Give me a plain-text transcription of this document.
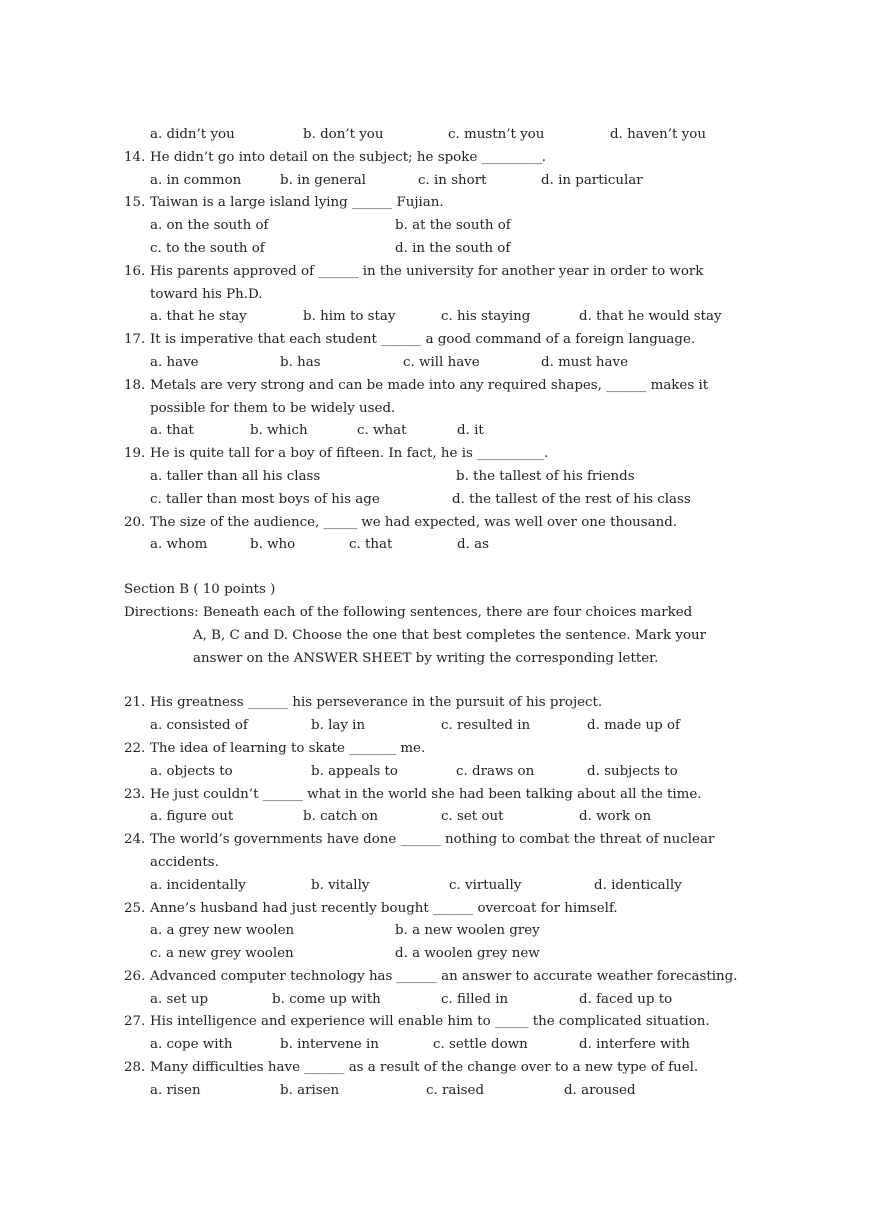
a. didn’t you	b. don’t you	c. mustn’t you	d. haven’t you
14. He didn’t go into detail on the subject; he spoke _________.
a. in common	b. in general	c. in short	d. in particular
15. Taiwan is a large island lying ______ Fujian.
a. on the south of	b. at the south of
c. to the south of	d. in the south of
16. His parents approved of ______ in the university for another year in order to work
toward his Ph.D.
a. that he stay	b. him to stay	c. his staying	d. that he would stay
17. It is imperative that each student ______ a good command of a foreign language.
a. have	b. has	c. will have	d. must have
18. Metals are very strong and can be made into any required shapes, ______ makes it
possible for them to be widely used.
a. that	b. which	c. what	d. it
19. He is quite tall for a boy of fifteen. In fact, he is __________.
a. taller than all his class	b. the tallest of his friends
c. taller than most boys of his age	d. the tallest of the rest of his class
20. The size of the audience, _____ we had expected, was well over one thousand.
a. whom	b. who	c. that	d. as
Section B ( 10 points )
Directions: Beneath each of the following sentences, there are four choices marked
A, B, C and D. Choose the one that best completes the sentence. Mark your
answer on the ANSWER SHEET by writing the corresponding letter.
21. His greatness ______ his perseverance in the pursuit of his project.
a. consisted of	b. lay in	c. resulted in	d. made up of
22. The idea of learning to skate _______ me.
a. objects to	b. appeals to	c. draws on	d. subjects to
23. He just couldn’t ______ what in the world she had been talking about all the time.
a. figure out	b. catch on	c. set out	d. work on
24. The world’s governments have done ______ nothing to combat the threat of nuclear
accidents.
a. incidentally	b. vitally	c. virtually	d. identically
25. Anne’s husband had just recently bought ______ overcoat for himself.
a. a grey new woolen	b. a new woolen grey
c. a new grey woolen	d. a woolen grey new
26. Advanced computer technology has ______ an answer to accurate weather forecasting.
a. set up	b. come up with	c. filled in	d. faced up to
27. His intelligence and experience will enable him to _____ the complicated situation.
a. cope with	b. intervene in	c. settle down	d. interfere with
28. Many difficulties have ______ as a result of the change over to a new type of fuel.
a. risen	b. arisen	c. raised	d. aroused
